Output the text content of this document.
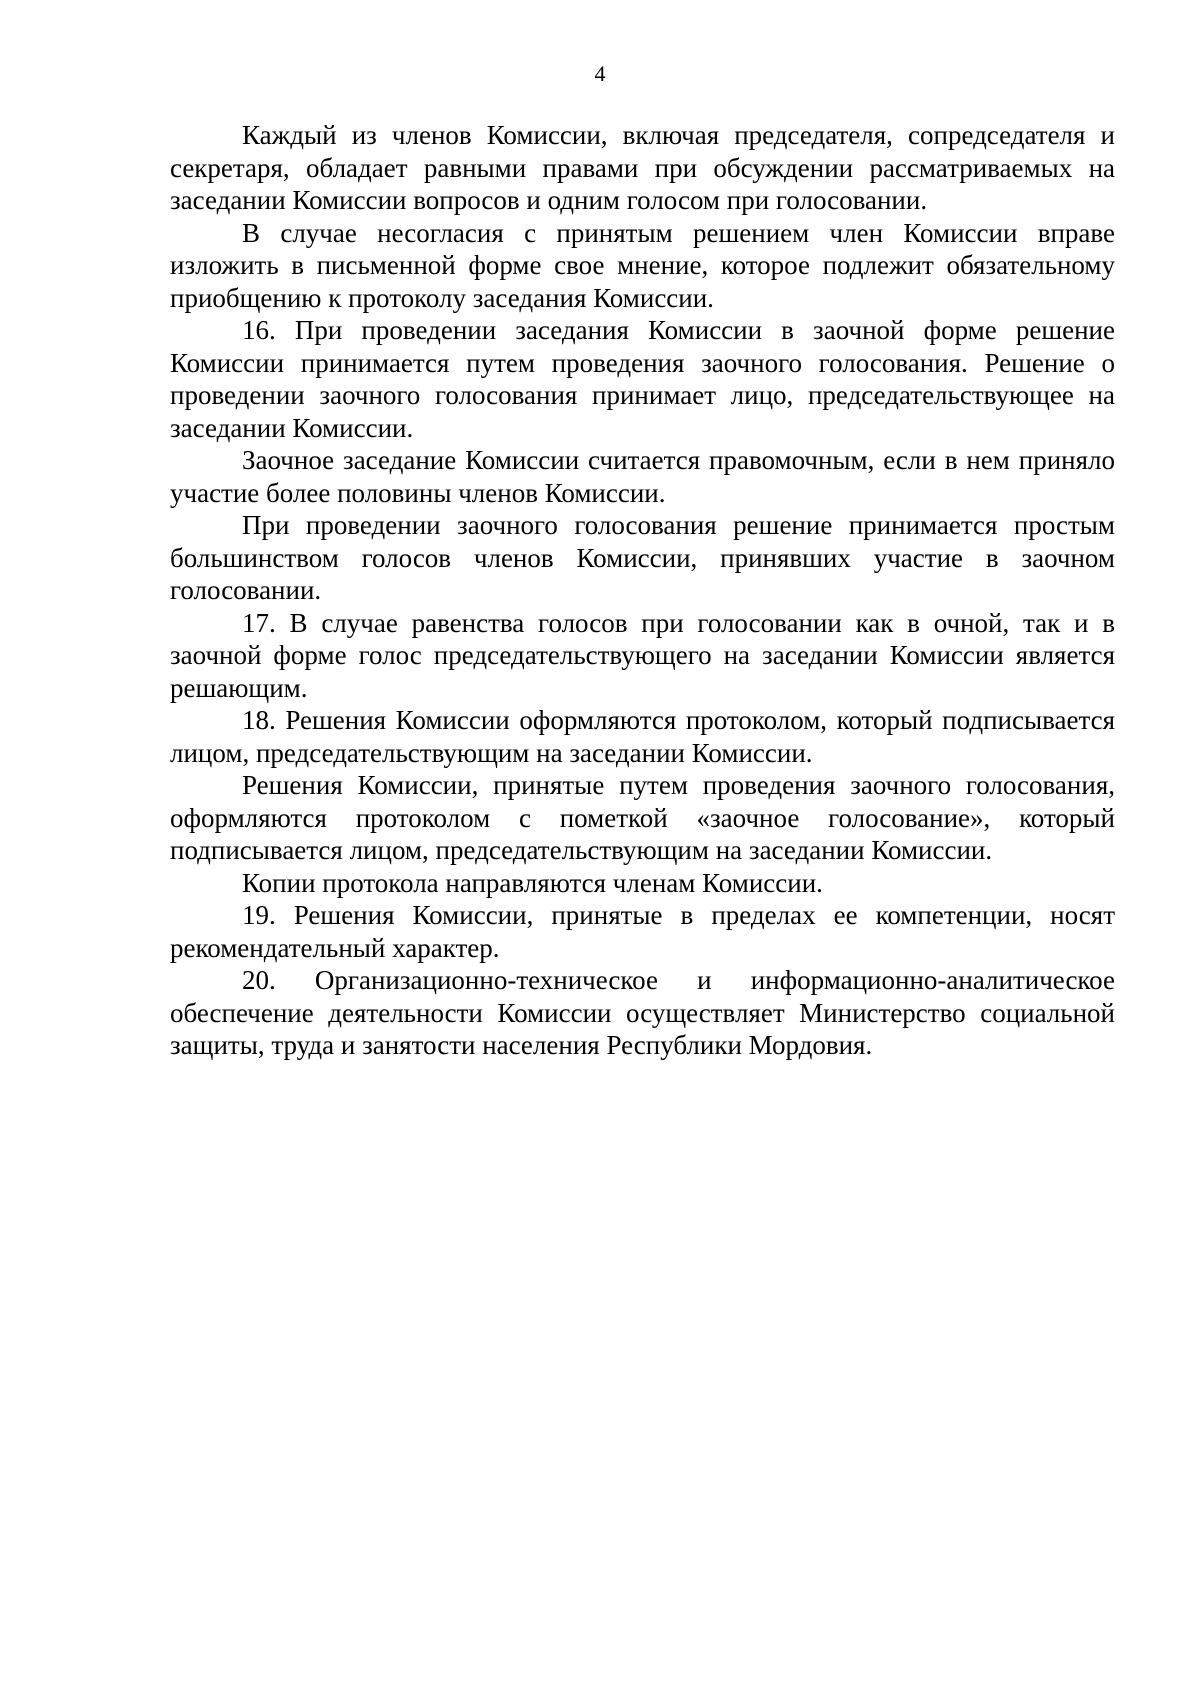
4

Каждый из членов Комиссии, включая председателя, сопредседателя и секретаря, обладает равными правами при обсуждении рассматриваемых на заседании Комиссии вопросов и одним голосом при голосовании.

В случае несогласия с принятым решением член Комиссии вправе изложить в письменной форме свое мнение, которое подлежит обязательному приобщению к протоколу заседания Комиссии.

16. При проведении заседания Комиссии в заочной форме решение Комиссии принимается путем проведения заочного голосования. Решение о проведении заочного голосования принимает лицо, председательствующее на заседании Комиссии.

Заочное заседание Комиссии считается правомочным, если в нем приняло участие более половины членов Комиссии.

При проведении заочного голосования решение принимается простым большинством голосов членов Комиссии, принявших участие в заочном голосовании.

17. В случае равенства голосов при голосовании как в очной, так и в заочной форме голос председательствующего на заседании Комиссии является решающим.

18. Решения Комиссии оформляются протоколом, который подписывается лицом, председательствующим на заседании Комиссии.

Решения Комиссии, принятые путем проведения заочного голосования, оформляются протоколом с пометкой «заочное голосование», который подписывается лицом, председательствующим на заседании Комиссии.

Копии протокола направляются членам Комиссии.

19. Решения Комиссии, принятые в пределах ее компетенции, носят рекомендательный характер.

20. Организационно-техническое и информационно-аналитическое обеспечение деятельности Комиссии осуществляет Министерство социальной защиты, труда и занятости населения Республики Мордовия.
